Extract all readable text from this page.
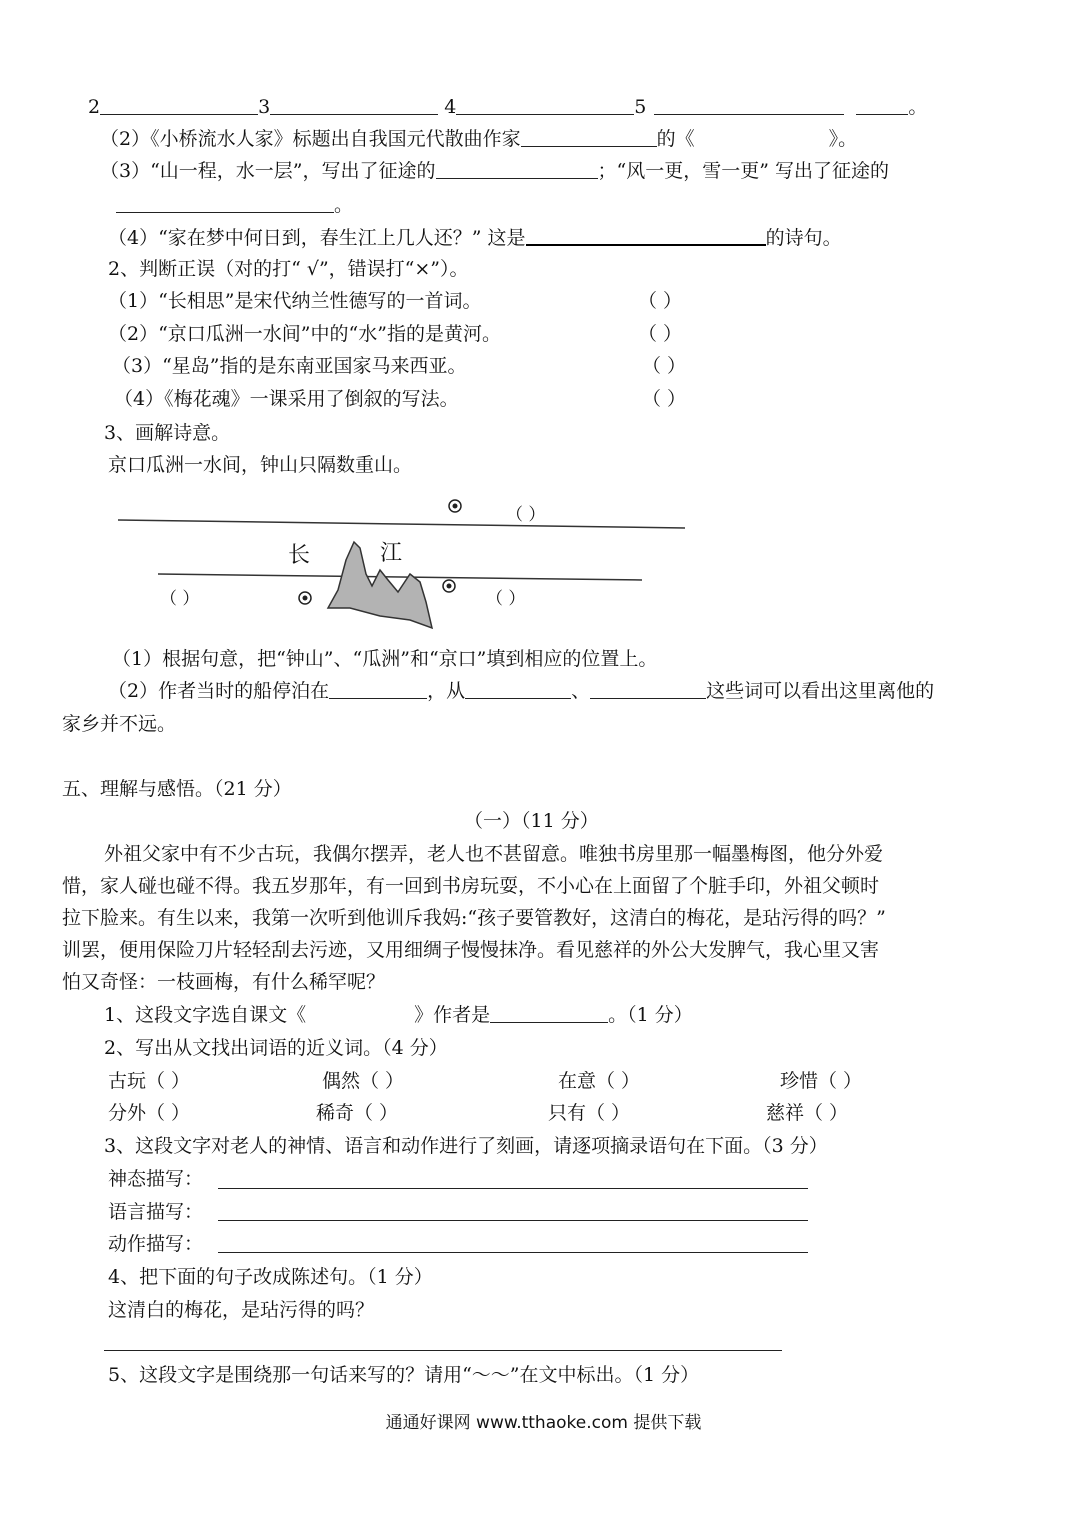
2	3	4	5	。
（2）《小桥流水人家》标题出自我国元代散曲作家	的《	》。
（3）“山一程，水一层”，写出了征途的	；“风一更，雪一更” 写出了征途的
。
（4）“家在梦中何日到，春生江上几人还？” 这是	的诗句。
2、判断正误（对的打“ √”，错误打“×”）。
（1）“长相思”是宋代纳兰性德写的一首词。	（ ）
（2）“京口瓜洲一水间”中的“水”指的是黄河。	（ ）
（3）“星岛”指的是东南亚国家马来西亚。	（ ）
（4）《梅花魂》一课采用了倒叙的写法。	（ ）
3、画解诗意。
京口瓜洲一水间，钟山只隔数重山。
长	江
（ ）
（ ）	（ ）
（1）根据句意，把“钟山”、“瓜洲”和“京口”填到相应的位置上。
（2）作者当时的船停泊在	，从	、	这些词可以看出这里离他的
家乡并不远。
五、理解与感悟。（21 分）
（一）（11 分）
外祖父家中有不少古玩，我偶尔摆弄，老人也不甚留意。唯独书房里那一幅墨梅图，他分外爱
惜，家人碰也碰不得。我五岁那年，有一回到书房玩耍，不小心在上面留了个脏手印，外祖父顿时
拉下脸来。有生以来，我第一次听到他训斥我妈:“孩子要管教好，这清白的梅花，是玷污得的吗？”
训罢，便用保险刀片轻轻刮去污迹，又用细绸子慢慢抹净。看见慈祥的外公大发脾气，我心里又害
怕又奇怪：一枝画梅，有什么稀罕呢？
1、这段文字选自课文《	》作者是	。（1 分）
2、写出从文找出词语的近义词。（4 分）
古玩（ ）	偶然（ ）	在意（ ）	珍惜（ ）
分外（ ）	稀奇（ ）	只有（ ）	慈祥（ ）
3、这段文字对老人的神情、语言和动作进行了刻画，请逐项摘录语句在下面。（3 分）
神态描写：
语言描写：
动作描写：
4、把下面的句子改成陈述句。（1 分）
这清白的梅花，是玷污得的吗？
5、这段文字是围绕那一句话来写的？请用“～～”在文中标出。（1 分）
通通好课网 www.tthaoke.com 提供下载
